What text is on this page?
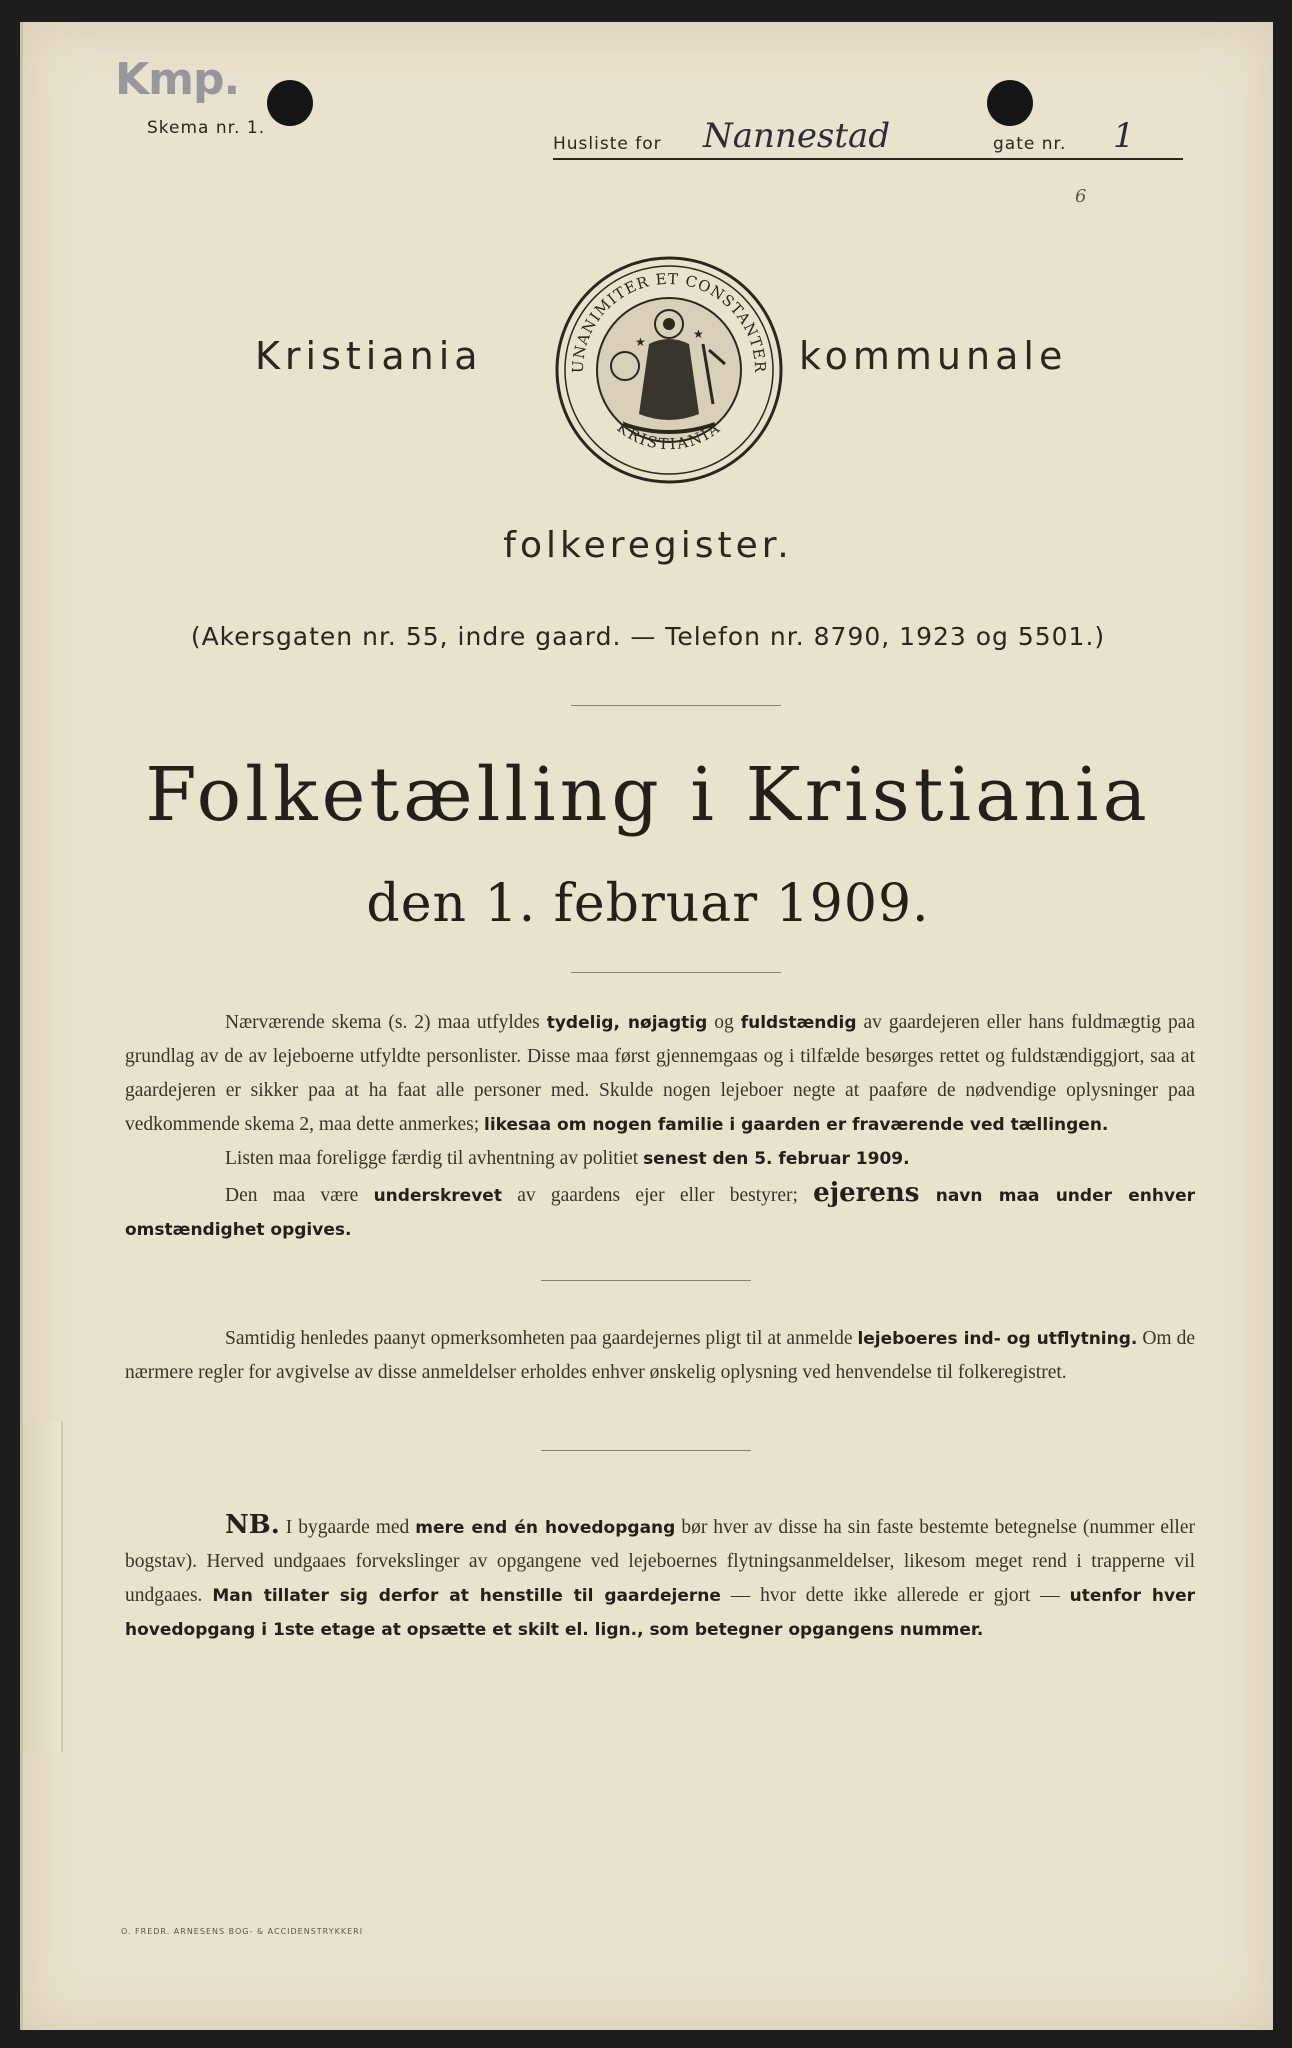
Kmp.
Skema nr. 1.
Husliste for Nannestad	gate nr. 1
6
Kristiania	UNANIMITER ET CONSTANTER
KRISTIANIA
★
★	kommunale
folkeregister.
(Akersgaten nr. 55, indre gaard. — Telefon nr. 8790, 1923 og 5501.)
Folketælling i Kristiania
den 1. februar 1909.

Nærværende skema (s. 2) maa utfyldes tydelig, nøjagtig og fuldstændig av gaardejeren eller hans fuldmægtig paa grundlag av de av lejeboerne utfyldte personlister. Disse maa først gjennemgaas og i tilfælde besørges rettet og fuldstændiggjort, saa at gaardejeren er sikker paa at ha faat alle personer med. Skulde nogen lejeboer negte at paaføre de nødvendige oplysninger paa vedkommende skema 2, maa dette anmerkes; likesaa om nogen familie i gaarden er fraværende ved tællingen.

Listen maa foreligge færdig til avhentning av politiet senest den 5. februar 1909.

Den maa være underskrevet av gaardens ejer eller bestyrer; ejerens navn maa under enhver omstændighet opgives.

Samtidig henledes paanyt opmerksomheten paa gaardejernes pligt til at anmelde lejeboeres ind- og utflytning. Om de nærmere regler for avgivelse av disse anmeldelser erholdes enhver ønskelig oplysning ved henvendelse til folkeregistret.

NB. I bygaarde med mere end én hovedopgang bør hver av disse ha sin faste bestemte betegnelse (nummer eller bogstav). Herved undgaaes forvekslinger av opgangene ved lejeboernes flytningsanmeldelser, likesom meget rend i trapperne vil undgaaes. Man tillater sig derfor at henstille til gaardejerne — hvor dette ikke allerede er gjort — utenfor hver hovedopgang i 1ste etage at opsætte et skilt el. lign., som betegner opgangens nummer.

O. FREDR. ARNESENS BOG- & ACCIDENSTRYKKERI
